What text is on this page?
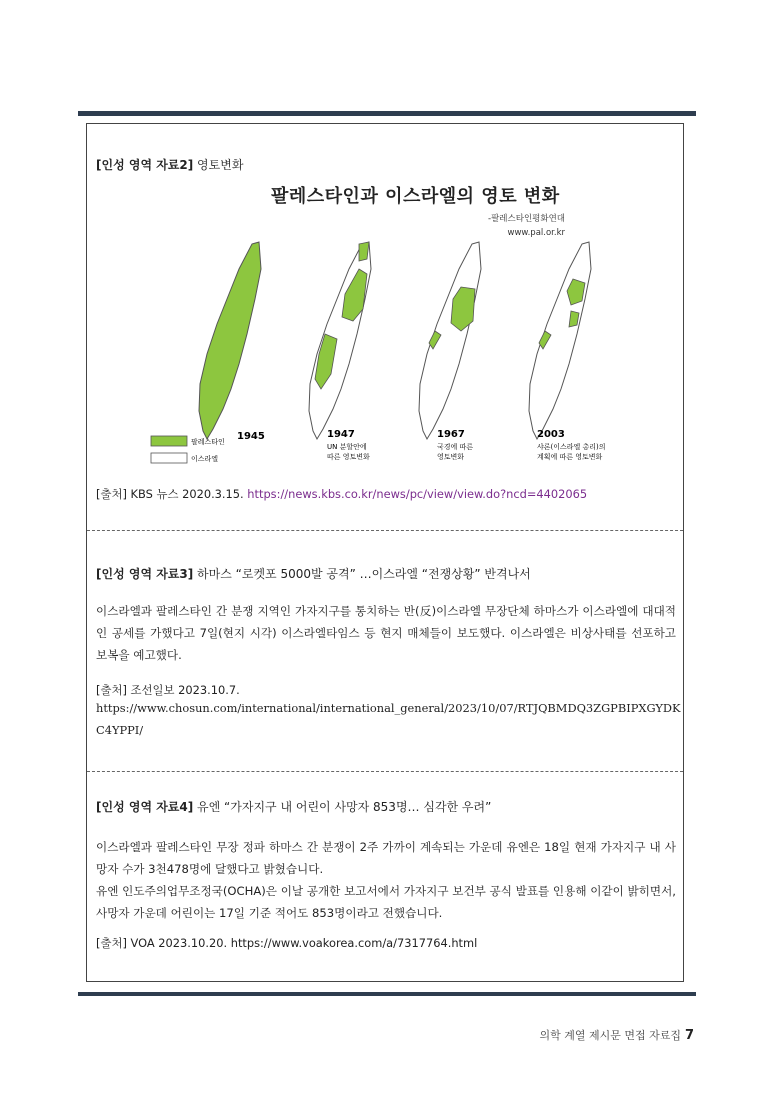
[인성 영역 자료2] 영토변화
팔레스타인과 이스라엘의 영토 변화
-팔레스타인평화연대
www.pal.or.kr
1945	1947
UN 분할안에
따른 영토변화
1967
국경에 따른
영토변화
2003
샤론(이스라엘 총리)의
계획에 따른 영토변화
팔레스타인
이스라엘
[출처] KBS 뉴스 2020.3.15. https://news.kbs.co.kr/news/pc/view/view.do?ncd=4402065
[인성 영역 자료3] 하마스 “로켓포 5000발 공격” …이스라엘 “전쟁상황” 반격나서
이스라엘과 팔레스타인 간 분쟁 지역인 가자지구를 통치하는 반(反)이스라엘 무장단체 하마스가 이스라엘에 대대적인 공세를 가했다고 7일(현지 시각) 이스라엘타임스 등 현지 매체들이 보도했다. 이스라엘은 비상사태를 선포하고 보복을 예고했다.
[출처] 조선일보 2023.10.7.
https://www.chosun.com/international/international_general/2023/10/07/RTJQBMDQ3ZGPBIPXGYDKC4YPPI/
[인성 영역 자료4] 유엔 “가자지구 내 어린이 사망자 853명… 심각한 우려”
이스라엘과 팔레스타인 무장 정파 하마스 간 분쟁이 2주 가까이 계속되는 가운데 유엔은 18일 현재 가자지구 내 사망자 수가 3천478명에 달했다고 밝혔습니다.
유엔 인도주의업무조정국(OCHA)은 이날 공개한 보고서에서 가자지구 보건부 공식 발표를 인용해 이같이 밝히면서, 사망자 가운데 어린이는 17일 기준 적어도 853명이라고 전했습니다.
[출처] VOA 2023.10.20. https://www.voakorea.com/a/7317764.html
의학 계열 제시문 면접 자료집 7
